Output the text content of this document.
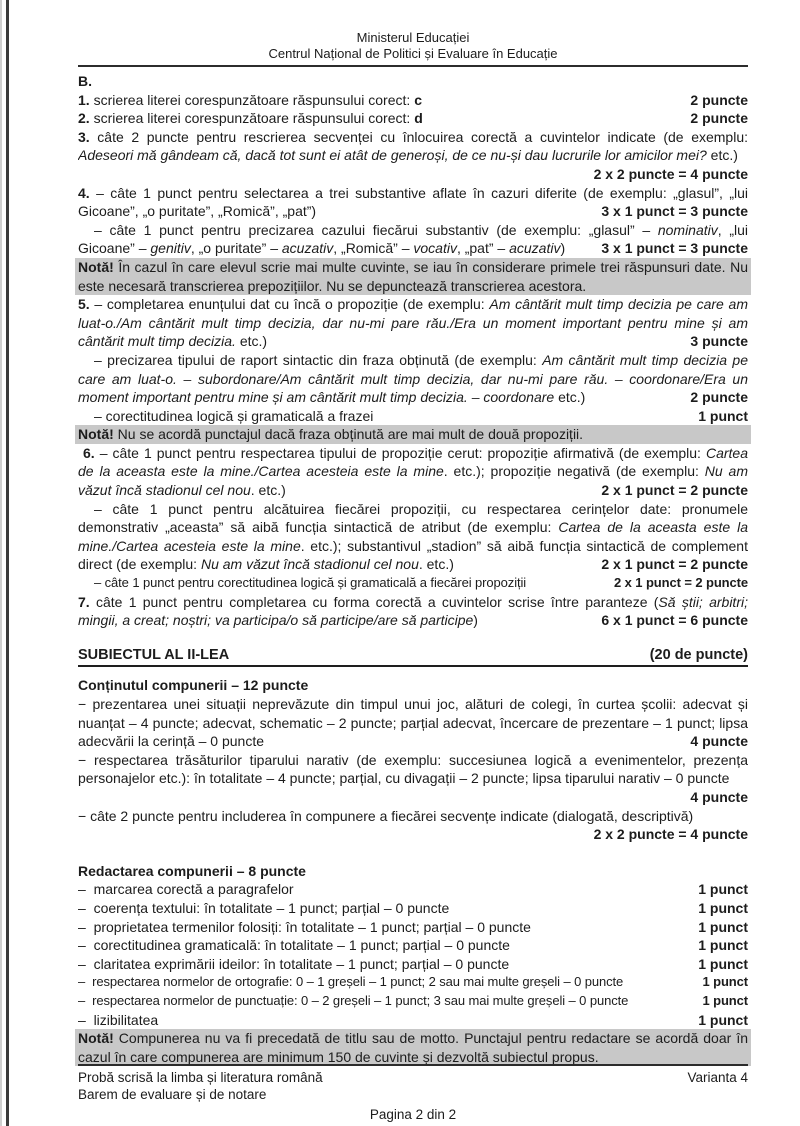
Ministerul Educației
Centrul Național de Politici și Evaluare în Educație

B.

1. scrierea literei corespunzătoare răspunsului corect: c	2 puncte

2. scrierea literei corespunzătoare răspunsului corect: d	2 puncte

3. câte 2 puncte pentru rescrierea secvenței cu înlocuirea corectă a cuvintelor indicate (de exemplu: Adeseori mă gândeam că, dacă tot sunt ei atât de generoși, de ce nu-și dau lucrurile lor amicilor mei? etc.)
2 x 2 puncte = 4 puncte

4. – câte 1 punct pentru selectarea a trei substantive aflate în cazuri diferite (de exemplu: „glasul”, „lui Gicoane”, „o puritate”, „Romică”, „pat”)	3 x 1 punct = 3 puncte

– câte 1 punct pentru precizarea cazului fiecărui substantiv (de exemplu: „glasul” – nominativ, „lui Gicoane” – genitiv, „o puritate” – acuzativ, „Romică” – vocativ, „pat” – acuzativ)	3 x 1 punct = 3 puncte

Notă! În cazul în care elevul scrie mai multe cuvinte, se iau în considerare primele trei răspunsuri date. Nu este necesară transcrierea prepozițiilor. Nu se depunctează transcrierea acestora.

5. – completarea enunțului dat cu încă o propoziție (de exemplu: Am cântărit mult timp decizia pe care am luat-o./Am cântărit mult timp decizia, dar nu-mi pare rău./Era un moment important pentru mine și am cântărit mult timp decizia. etc.)	3 puncte

– precizarea tipului de raport sintactic din fraza obținută (de exemplu: Am cântărit mult timp decizia pe care am luat-o. – subordonare/Am cântărit mult timp decizia, dar nu-mi pare rău. – coordonare/Era un moment important pentru mine și am cântărit mult timp decizia. – coordonare etc.)	2 puncte

– corectitudinea logică și gramaticală a frazei	1 punct

Notă! Nu se acordă punctajul dacă fraza obținută are mai mult de două propoziții.

6. – câte 1 punct pentru respectarea tipului de propoziție cerut: propoziție afirmativă (de exemplu: Cartea de la aceasta este la mine./Cartea acesteia este la mine. etc.); propoziție negativă (de exemplu: Nu am văzut încă stadionul cel nou. etc.)	2 x 1 punct = 2 puncte

– câte 1 punct pentru alcătuirea fiecărei propoziții, cu respectarea cerințelor date: pronumele demonstrativ „aceasta” să aibă funcția sintactică de atribut (de exemplu: Cartea de la aceasta este la mine./Cartea acesteia este la mine. etc.); substantivul „stadion” să aibă funcția sintactică de complement direct (de exemplu: Nu am văzut încă stadionul cel nou. etc.)	2 x 1 punct = 2 puncte

– câte 1 punct pentru corectitudinea logică și gramaticală a fiecărei propoziții	2 x 1 punct = 2 puncte

7. câte 1 punct pentru completarea cu forma corectă a cuvintelor scrise între paranteze (Să știi; arbitri; mingii, a creat; noștri; va participa/o să participe/are să participe)	6 x 1 punct = 6 puncte

SUBIECTUL AL II-LEA	(20 de puncte)

Conținutul compunerii – 12 puncte

− prezentarea unei situații neprevăzute din timpul unui joc, alături de colegi, în curtea școlii: adecvat și nuanțat – 4 puncte; adecvat, schematic – 2 puncte; parțial adecvat, încercare de prezentare – 1 punct; lipsa adecvării la cerință – 0 puncte	4 puncte

− respectarea trăsăturilor tiparului narativ (de exemplu: succesiunea logică a evenimentelor, prezența personajelor etc.): în totalitate – 4 puncte; parțial, cu divagații – 2 puncte; lipsa tiparului narativ – 0 puncte
4 puncte

− câte 2 puncte pentru includerea în compunere a fiecărei secvențe indicate (dialogată, descriptivă)
2 x 2 puncte = 4 puncte

Redactarea compunerii – 8 puncte

–  marcarea corectă a paragrafelor	1 punct

–  coerența textului: în totalitate – 1 punct; parțial – 0 puncte	1 punct

–  proprietatea termenilor folosiți: în totalitate – 1 punct; parțial – 0 puncte	1 punct

–  corectitudinea gramaticală: în totalitate – 1 punct; parțial – 0 puncte	1 punct

–  claritatea exprimării ideilor: în totalitate – 1 punct; parțial – 0 puncte	1 punct

–  respectarea normelor de ortografie: 0 – 1 greșeli – 1 punct; 2 sau mai multe greșeli – 0 puncte	1 punct

–  respectarea normelor de punctuație: 0 – 2 greșeli – 1 punct; 3 sau mai multe greșeli – 0 puncte	1 punct

–  lizibilitatea	1 punct

Notă! Compunerea nu va fi precedată de titlu sau de motto. Punctajul pentru redactare se acordă doar în cazul în care compunerea are minimum 150 de cuvinte și dezvoltă subiectul propus.

Probă scrisă la limba și literatura română
Barem de evaluare și de notare
Varianta 4
Pagina 2 din 2
